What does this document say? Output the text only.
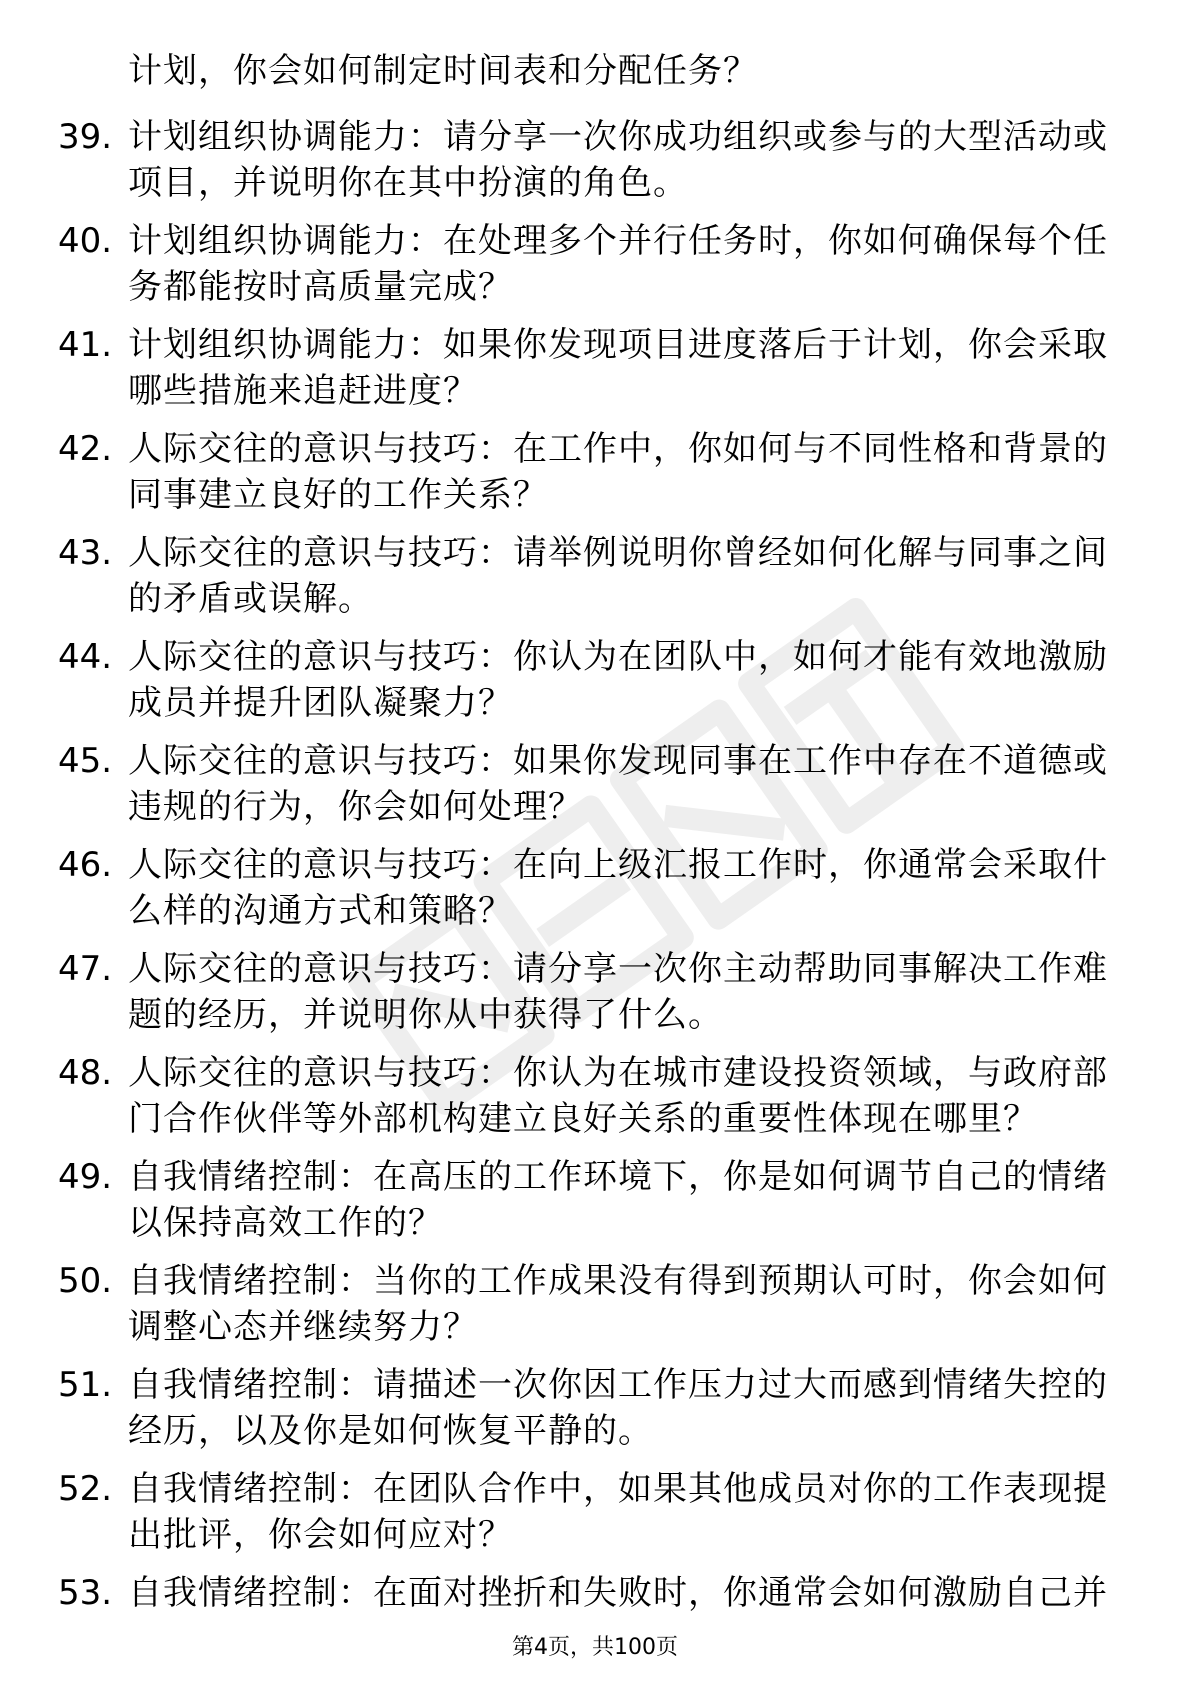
计划，你会如何制定时间表和分配任务？
39. 计划组织协调能力：请分享一次你成功组织或参与的大型活动或
项目，并说明你在其中扮演的角色。
40. 计划组织协调能力：在处理多个并行任务时，你如何确保每个任
务都能按时高质量完成？
41. 计划组织协调能力：如果你发现项目进度落后于计划，你会采取
哪些措施来追赶进度？
42. 人际交往的意识与技巧：在工作中，你如何与不同性格和背景的
同事建立良好的工作关系？
43. 人际交往的意识与技巧：请举例说明你曾经如何化解与同事之间
的矛盾或误解。
44. 人际交往的意识与技巧：你认为在团队中，如何才能有效地激励
成员并提升团队凝聚力？
45. 人际交往的意识与技巧：如果你发现同事在工作中存在不道德或
违规的行为，你会如何处理？
46. 人际交往的意识与技巧：在向上级汇报工作时，你通常会采取什
么样的沟通方式和策略？
47. 人际交往的意识与技巧：请分享一次你主动帮助同事解决工作难
题的经历，并说明你从中获得了什么。
48. 人际交往的意识与技巧：你认为在城市建设投资领域，与政府部
门合作伙伴等外部机构建立良好关系的重要性体现在哪里？
49. 自我情绪控制：在高压的工作环境下，你是如何调节自己的情绪
以保持高效工作的？
50. 自我情绪控制：当你的工作成果没有得到预期认可时，你会如何
调整心态并继续努力？
51. 自我情绪控制：请描述一次你因工作压力过大而感到情绪失控的
经历，以及你是如何恢复平静的。
52. 自我情绪控制：在团队合作中，如果其他成员对你的工作表现提
出批评，你会如何应对？
53. 自我情绪控制：在面对挫折和失败时，你通常会如何激励自己并
第4页，共100页
